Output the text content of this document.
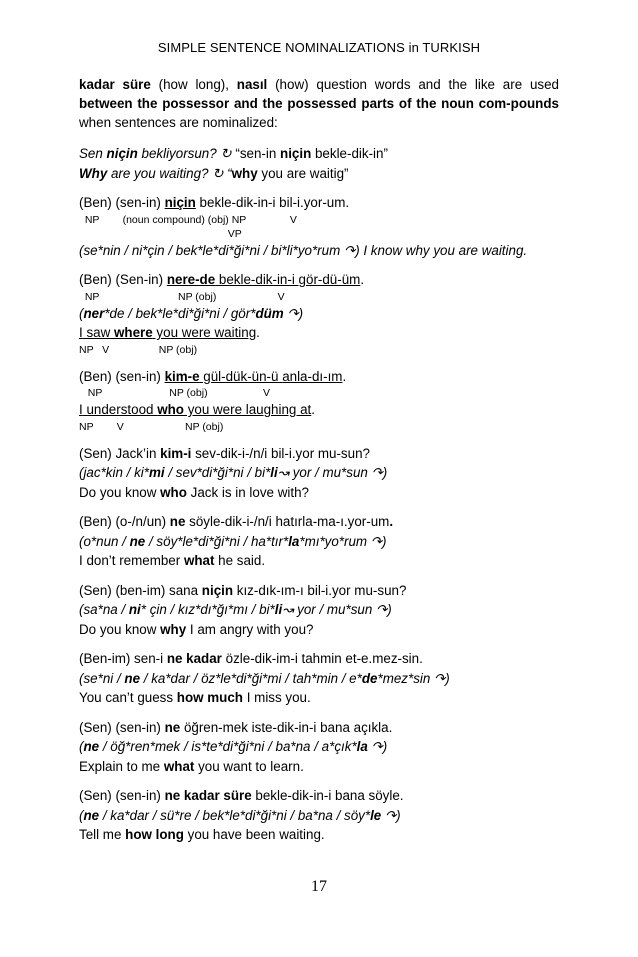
SIMPLE SENTENCE NOMINALIZATIONS in TURKISH

kadar süre (how long), nasıl (how) question words and the like are used between the possessor and the possessed parts of the noun com-pounds when sentences are nominalized:

Sen niçin bekliyorsun? ↻ “sen-in niçin bekle-dik-in”
Why are you waiting? ↻ “why you are waitig”
(Ben) (sen-in) niçin bekle-dik-in-i bil-i.yor-um.
NP        (noun compound) (obj) NP               V
VP
(se*nin / ni*çin / bek*le*di*ği*ni / bi*li*yo*rum ↷) I know why you are waiting.
(Ben) (Sen-in) nere-de bekle-dik-in-i gör-dü-üm.
NP                           NP (obj)                     V
(ner*de / bek*le*di*ği*ni / gör*düm ↷)
I saw where you were waiting.
NP   V                 NP (obj)
(Ben) (sen-in) kim-e gül-dük-ün-ü anla-dı-ım.
NP                       NP (obj)                   V
I understood who you were laughing at.
NP        V                     NP (obj)
(Sen) Jack’in kim-i sev-dik-i-/n/i bil-i.yor mu-sun?
(jac*kin / ki*mi / sev*di*ği*ni / bi*li↝ yor / mu*sun ↷)
Do you know who Jack is in love with?
(Ben) (o-/n/un) ne söyle-dik-i-/n/i hatırla-ma-ı.yor-um.
(o*nun / ne / söy*le*di*ği*ni / ha*tır*la*mı*yo*rum ↷)
I don’t remember what he said.
(Sen) (ben-im) sana niçin kız-dık-ım-ı bil-i.yor mu-sun?
(sa*na / ni* çin / kız*dı*ğı*mı / bi*li↝ yor / mu*sun ↷)
Do you know why I am angry with you?
(Ben-im) sen-i ne kadar özle-dik-im-i tahmin et-e.mez-sin.
(se*ni / ne / ka*dar / öz*le*di*ği*mi / tah*min / e*de*mez*sin ↷)
You can’t guess how much I miss you.
(Sen) (sen-in) ne öğren-mek iste-dik-in-i bana açıkla.
(ne / öğ*ren*mek / is*te*di*ği*ni / ba*na / a*çık*la ↷)
Explain to me what you want to learn.
(Sen) (sen-in) ne kadar süre bekle-dik-in-i bana söyle.
(ne / ka*dar / sü*re / bek*le*di*ği*ni / ba*na / söy*le ↷)
Tell me how long you have been waiting.
17
